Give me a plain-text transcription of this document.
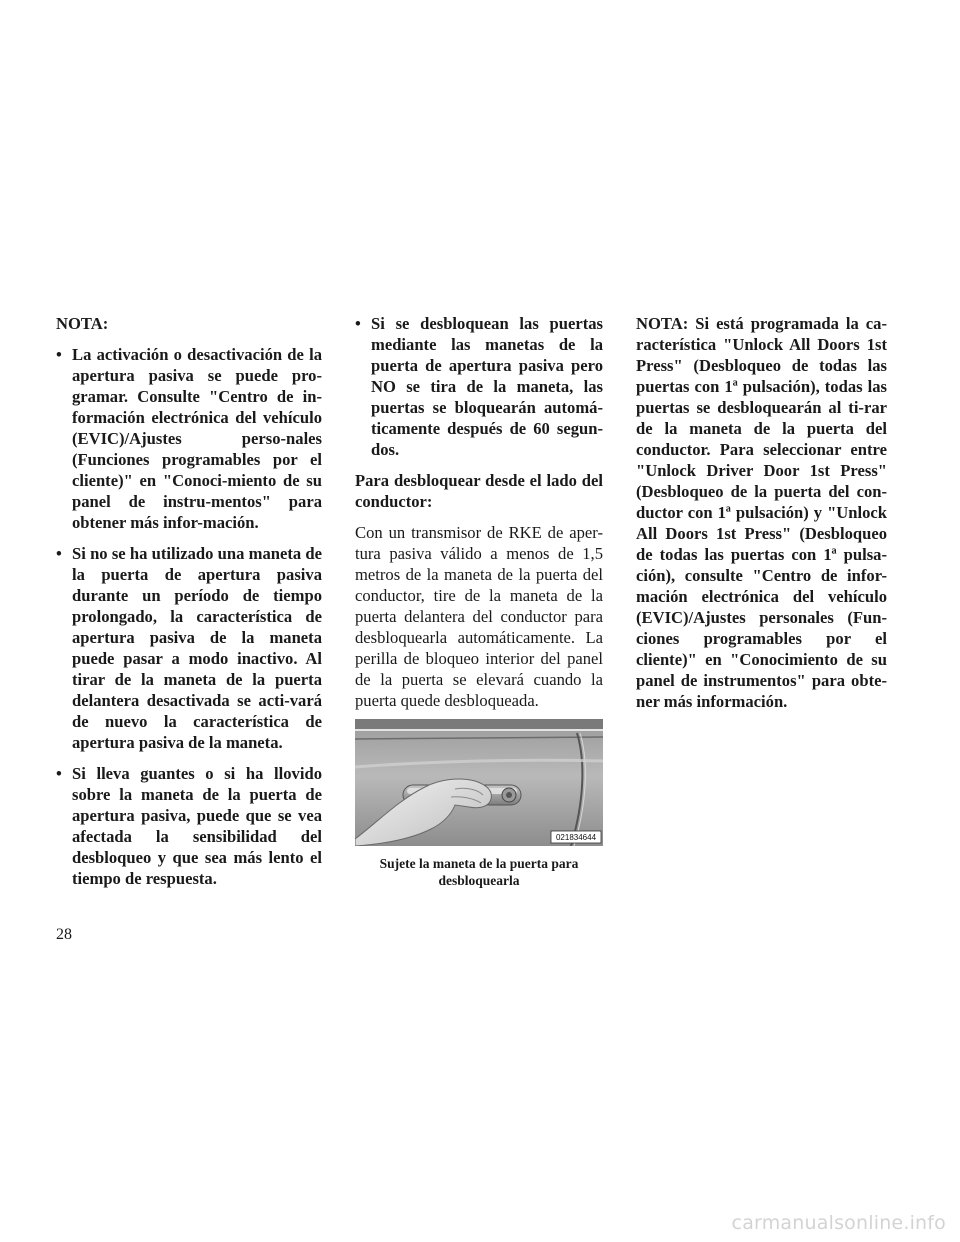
NOTA:
• La activación o desactivación de la apertura pasiva se puede pro-gramar. Consulte "Centro de in-formación electrónica del vehículo (EVIC)/Ajustes perso-nales (Funciones programables por el cliente)" en "Conoci-miento de su panel de instru-mentos" para obtener más infor-mación.
• Si no se ha utilizado una maneta de la puerta de apertura pasiva durante un período de tiempo prolongado, la característica de apertura pasiva de la maneta puede pasar a modo inactivo. Al tirar de la maneta de la puerta delantera desactivada se acti-vará de nuevo la característica de apertura pasiva de la maneta.
• Si lleva guantes o si ha llovido sobre la maneta de la puerta de apertura pasiva, puede que se vea afectada la sensibilidad del desbloqueo y que sea más lento el tiempo de respuesta.
• Si se desbloquean las puertas mediante las manetas de la puerta de apertura pasiva pero NO se tira de la maneta, las puertas se bloquearán automá-ticamente después de 60 segun-dos.

Para desbloquear desde el lado del conductor:

Con un transmisor de RKE de aper-tura pasiva válido a menos de 1,5 metros de la maneta de la puerta del conductor, tire de la maneta de la puerta delantera del conductor para desbloquearla automáticamente. La perilla de bloqueo interior del panel de la puerta se elevará cuando la puerta quede desbloqueada.

021834644
Sujete la maneta de la puerta para desbloquearla

NOTA: Si está programada la ca-racterística "Unlock All Doors 1st Press" (Desbloqueo de todas las puertas con 1ª pulsación), todas las puertas se desbloquearán al ti-rar de la maneta de la puerta del conductor. Para seleccionar entre "Unlock Driver Door 1st Press" (Desbloqueo de la puerta del con-ductor con 1ª pulsación) y "Unlock All Doors 1st Press" (Desbloqueo de todas las puertas con 1ª pulsa-ción), consulte "Centro de infor-mación electrónica del vehículo (EVIC)/Ajustes personales (Fun-ciones programables por el cliente)" en "Conocimiento de su panel de instrumentos" para obte-ner más información.

28
carmanualsonline.info
